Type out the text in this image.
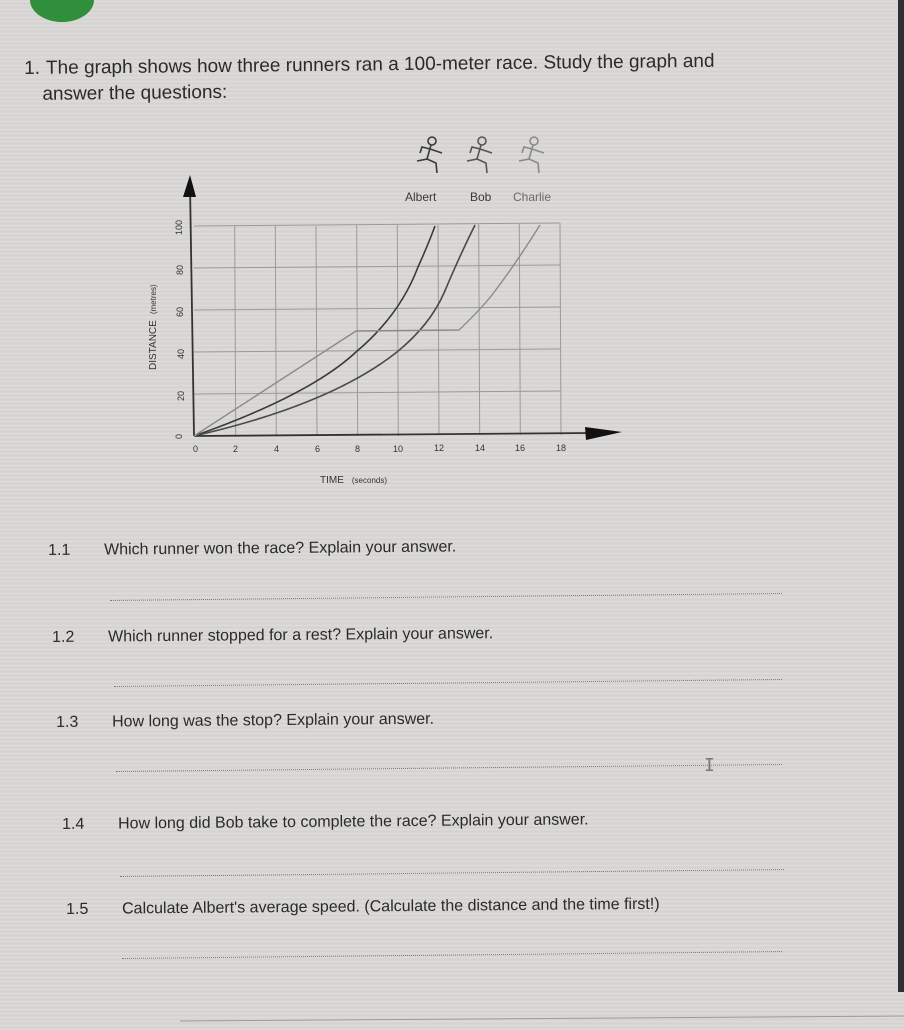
1. The graph shows how three runners ran a 100-meter race. Study the graph and
answer the questions:
Albert	Bob Charlie
0
20
40
60
80
100
DISTANCE(metres)
0	2	4	6	8	10	12	14	16	18
TIME (seconds)
1.1 Which runner won the race? Explain your answer.
1.2 Which runner stopped for a rest? Explain your answer.
1.3 How long was the stop? Explain your answer.
I
1.4 How long did Bob take to complete the race? Explain your answer.
1.5 Calculate Albert's average speed. (Calculate the distance and the time first!)
